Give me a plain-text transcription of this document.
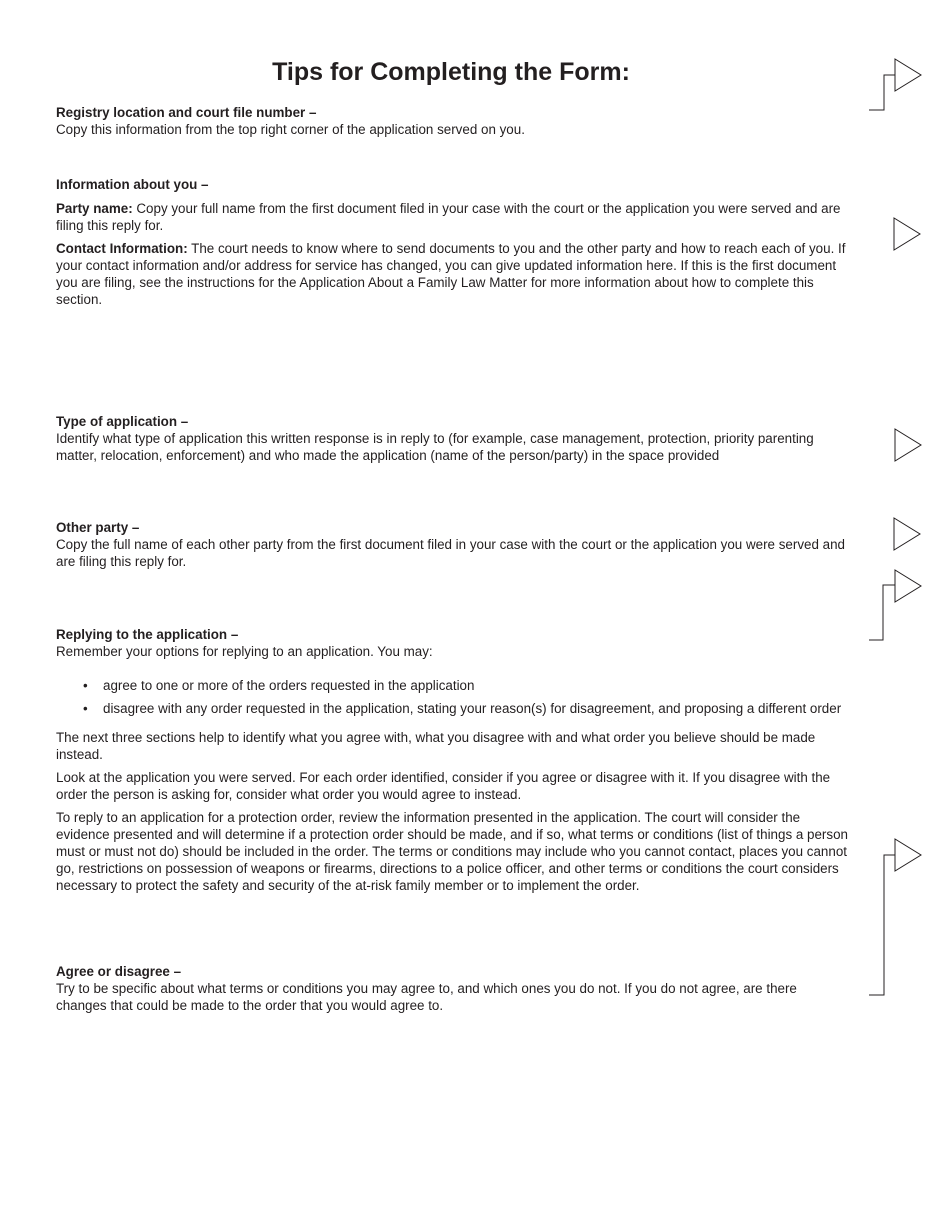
Tips for Completing the Form:

Registry location and court file number –

Copy this information from the top right corner of the application served on you.

Information about you –

Party name: Copy your full name from the first document filed in your case with the court or the application you were served and are filing this reply for.

Contact Information: The court needs to know where to send documents to you and the other party and how to reach each of you. If your contact information and/or address for service has changed, you can give updated information here. If this is the first document you are filing, see the instructions for the Application About a Family Law Matter for more information about how to complete this section.

Type of application –

Identify what type of application this written response is in reply to (for example, case management, protection, priority parenting matter, relocation, enforcement) and who made the application (name of the person/party) in the space provided

Other party –

Copy the full name of each other party from the first document filed in your case with the court or the application you were served and are filing this reply for.

Replying to the application –

Remember your options for replying to an application. You may:

• agree to one or more of the orders requested in the application
• disagree with any order requested in the application, stating your reason(s) for disagreement, and proposing a different order

The next three sections help to identify what you agree with, what you disagree with and what order you believe should be made instead.

Look at the application you were served. For each order identified, consider if you agree or disagree with it. If you disagree with the order the person is asking for, consider what order you would agree to instead.

To reply to an application for a protection order, review the information presented in the application. The court will consider the evidence presented and will determine if a protection order should be made, and if so, what terms or conditions (list of things a person must or must not do) should be included in the order. The terms or conditions may include who you cannot contact, places you cannot go, restrictions on possession of weapons or firearms, directions to a police officer, and other terms or conditions the court considers necessary to protect the safety and security of the at-risk family member or to implement the order.

Agree or disagree –

Try to be specific about what terms or conditions you may agree to, and which ones you do not. If you do not agree, are there changes that could be made to the order that you would agree to.
